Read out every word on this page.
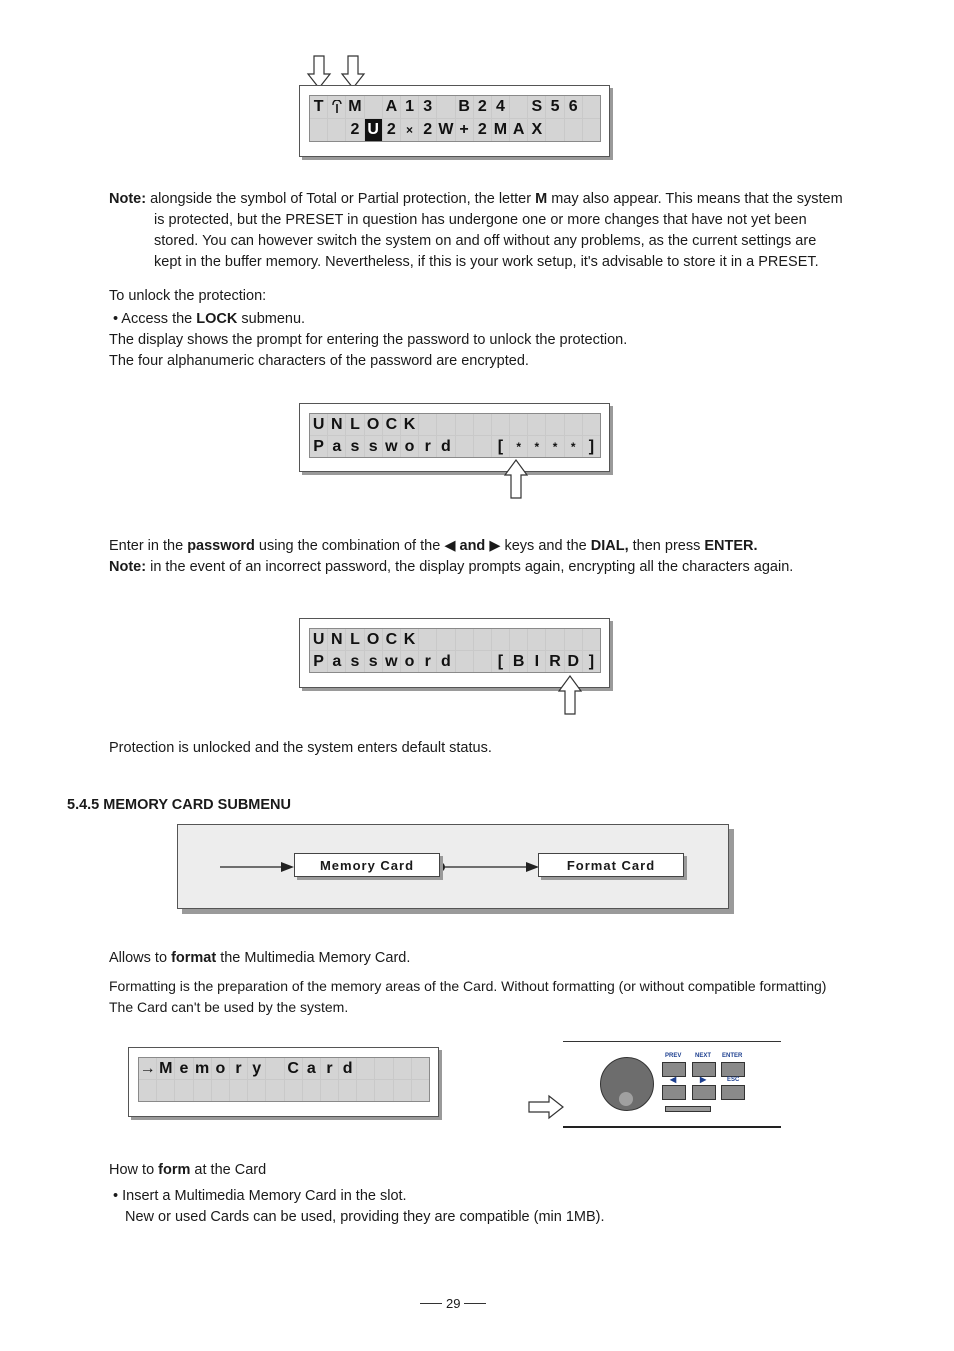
T M A 1 3 B 2 4 S 5 6
2 U 2 × 2 W + 2 M A X
Note: alongside the symbol of Total or Partial protection, the letter M may also appear. This means that the system
is protected, but the PRESET in question has undergone one or more changes that have not yet been
stored. You can however switch the system on and off without any problems, as the current settings are
kept in the buffer memory. Nevertheless, if this is your work setup, it's advisable to store it in a PRESET.
To unlock the protection:
• Access the LOCK submenu.
The display shows the prompt for entering the password to unlock the protection.
The four alphanumeric characters of the password are encrypted.
U N L O C K
P a s s w o r d	[	*	*	*	* ]
Enter in the password using the combination of the ◀ and ▶ keys and the DIAL, then press ENTER.
Note: in the event of an incorrect password, the display prompts again, encrypting all the characters again.
U N L O C K
P a s s w o r d	[ B I R D ]
Protection is unlocked and the system enters default status.
5.4.5 MEMORY CARD SUBMENU
Memory Card	Format Card
Allows to format the Multimedia Memory Card.
Formatting is the preparation of the memory areas of the Card. Without formatting (or without compatible formatting)
The Card can't be used by the system.
→ M e m o r y C a r d
PREV NEXT ENTER
◀	▶	ESC
How to form at the Card
• Insert a Multimedia Memory Card in the slot.
New or used Cards can be used, providing they are compatible (min 1MB).
29
